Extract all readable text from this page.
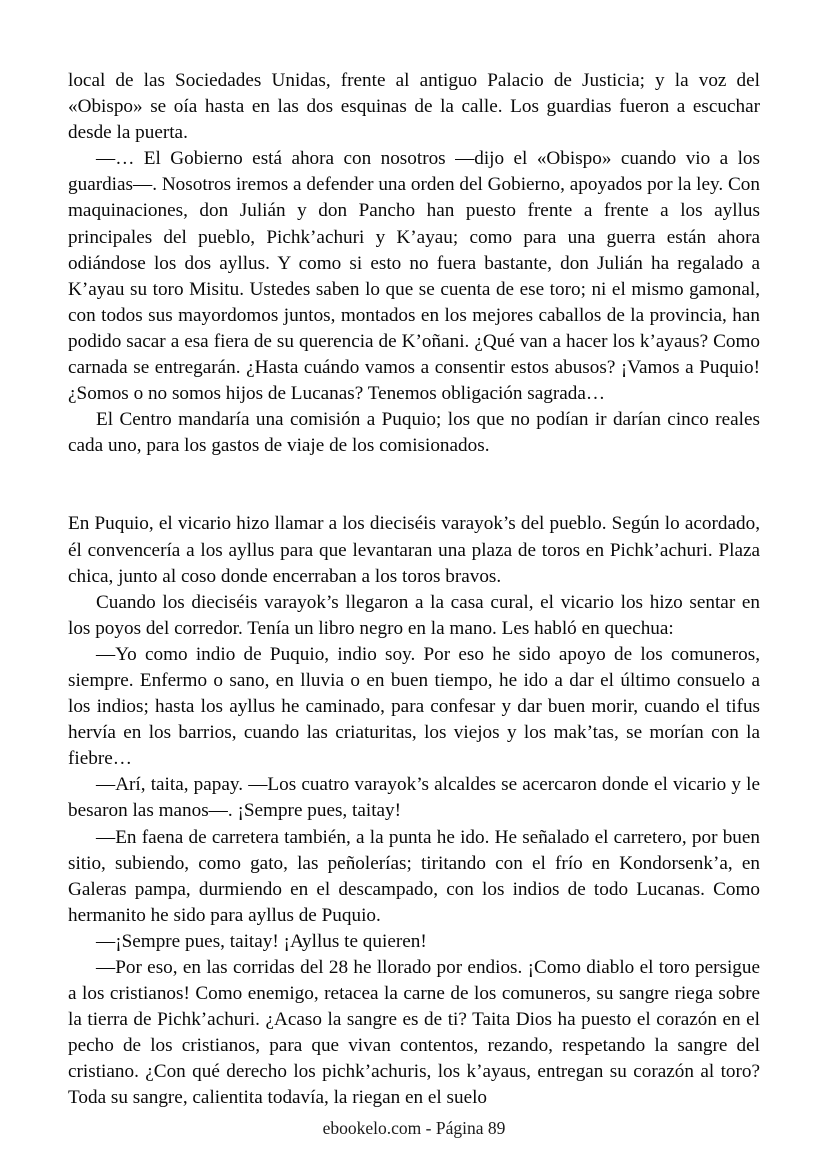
local de las Sociedades Unidas, frente al antiguo Palacio de Justicia; y la voz del «Obispo» se oía hasta en las dos esquinas de la calle. Los guardias fueron a escuchar desde la puerta.

—… El Gobierno está ahora con nosotros —dijo el «Obispo» cuando vio a los guardias—. Nosotros iremos a defender una orden del Gobierno, apoyados por la ley. Con maquinaciones, don Julián y don Pancho han puesto frente a frente a los ayllus principales del pueblo, Pichk’achuri y K’ayau; como para una guerra están ahora odiándose los dos ayllus. Y como si esto no fuera bastante, don Julián ha regalado a K’ayau su toro Misitu. Ustedes saben lo que se cuenta de ese toro; ni el mismo gamonal, con todos sus mayordomos juntos, montados en los mejores caballos de la provincia, han podido sacar a esa fiera de su querencia de K’oñani. ¿Qué van a hacer los k’ayaus? Como carnada se entregarán. ¿Hasta cuándo vamos a consentir estos abusos? ¡Vamos a Puquio! ¿Somos o no somos hijos de Lucanas? Tenemos obligación sagrada…

El Centro mandaría una comisión a Puquio; los que no podían ir darían cinco reales cada uno, para los gastos de viaje de los comisionados.

En Puquio, el vicario hizo llamar a los dieciséis varayok’s del pueblo. Según lo acordado, él convencería a los ayllus para que levantaran una plaza de toros en Pichk’achuri. Plaza chica, junto al coso donde encerraban a los toros bravos.

Cuando los dieciséis varayok’s llegaron a la casa cural, el vicario los hizo sentar en los poyos del corredor. Tenía un libro negro en la mano. Les habló en quechua:

—Yo como indio de Puquio, indio soy. Por eso he sido apoyo de los comuneros, siempre. Enfermo o sano, en lluvia o en buen tiempo, he ido a dar el último consuelo a los indios; hasta los ayllus he caminado, para confesar y dar buen morir, cuando el tifus hervía en los barrios, cuando las criaturitas, los viejos y los mak’tas, se morían con la fiebre…

—Arí, taita, papay. —Los cuatro varayok’s alcaldes se acercaron donde el vicario y le besaron las manos—. ¡Sempre pues, taitay!

—En faena de carretera también, a la punta he ido. He señalado el carretero, por buen sitio, subiendo, como gato, las peñolerías; tiritando con el frío en Kondorsenk’a, en Galeras pampa, durmiendo en el descampado, con los indios de todo Lucanas. Como hermanito he sido para ayllus de Puquio.

—¡Sempre pues, taitay! ¡Ayllus te quieren!

—Por eso, en las corridas del 28 he llorado por endios. ¡Como diablo el toro persigue a los cristianos! Como enemigo, retacea la carne de los comuneros, su sangre riega sobre la tierra de Pichk’achuri. ¿Acaso la sangre es de ti? Taita Dios ha puesto el corazón en el pecho de los cristianos, para que vivan contentos, rezando, respetando la sangre del cristiano. ¿Con qué derecho los pichk’achuris, los k’ayaus, entregan su corazón al toro? Toda su sangre, calientita todavía, la riegan en el suelo

ebookelo.com - Página 89
